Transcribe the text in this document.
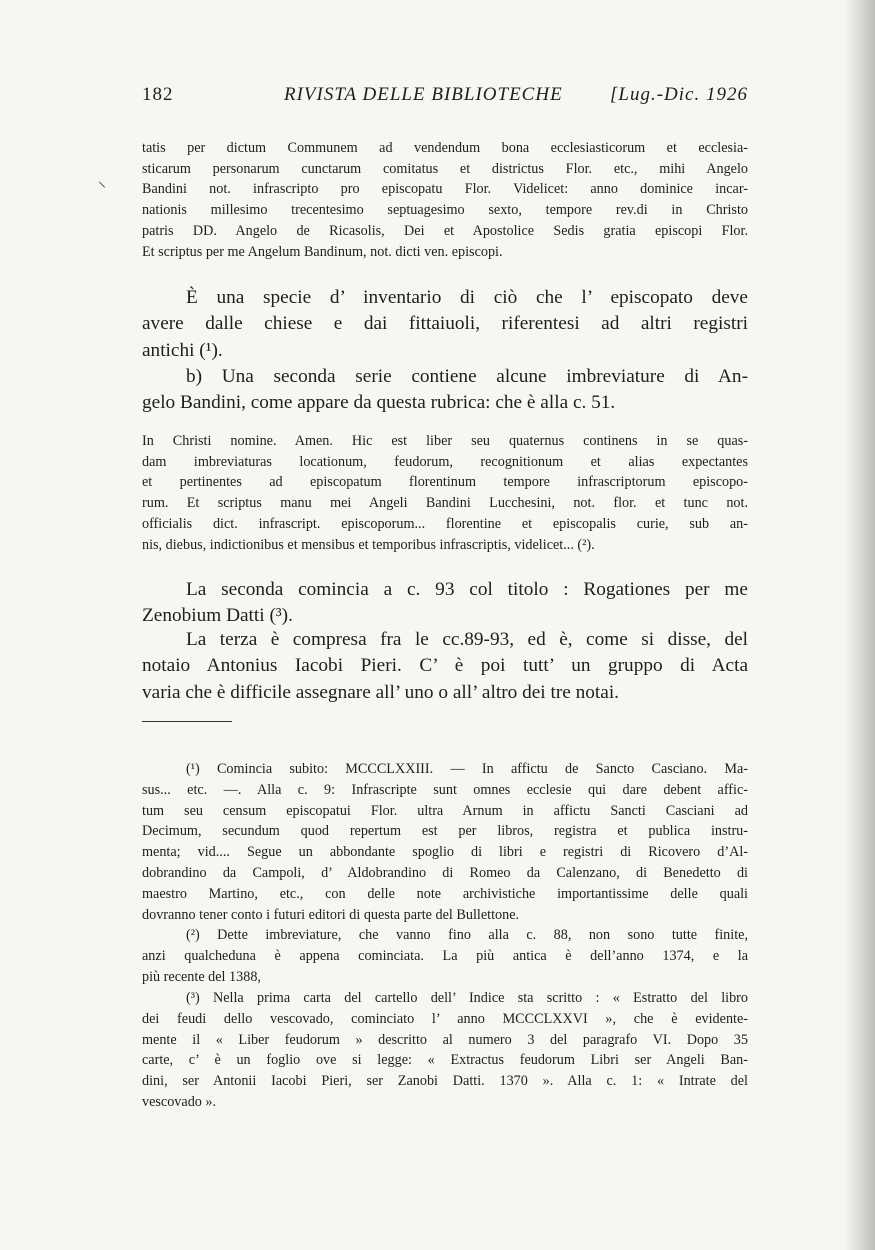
⸌
182	RIVISTA DELLE BIBLIOTECHE [Lug.-Dic. 1926
tatis per dictum Communem ad vendendum bona ecclesiasticorum et ecclesia-
sticarum personarum cunctarum comitatus et districtus Flor. etc., mihi Angelo
Bandini not. infrascripto pro episcopatu Flor. Videlicet: anno dominice incar-
nationis millesimo trecentesimo septuagesimo sexto, tempore rev.di in Christo
patris DD. Angelo de Ricasolis, Dei et Apostolice Sedis gratia episcopi Flor.
Et scriptus per me Angelum Bandinum, not. dicti ven. episcopi.
È una specie d’ inventario di ciò che l’ episcopato deve
avere dalle chiese e dai fittaiuoli, riferentesi ad altri registri
antichi (¹).
b) Una seconda serie contiene alcune imbreviature di An-
gelo Bandini, come appare da questa rubrica: che è alla c. 51.
In Christi nomine. Amen. Hic est liber seu quaternus continens in se quas-
dam imbreviaturas locationum, feudorum, recognitionum et alias expectantes
et pertinentes ad episcopatum florentinum tempore infrascriptorum episcopo-
rum. Et scriptus manu mei Angeli Bandini Lucchesini, not. flor. et tunc not.
officialis dict. infrascript. episcoporum... florentine et episcopalis curie, sub an-
nis, diebus, indictionibus et mensibus et temporibus infrascriptis, videlicet... (²).
La seconda comincia a c. 93 col titolo : Rogationes per me
Zenobium Datti (³).
La terza è compresa fra le cc.89-93, ed è, come si disse, del
notaio Antonius Iacobi Pieri. C’ è poi tutt’ un gruppo di Acta
varia che è difficile assegnare all’ uno o all’ altro dei tre notai.
(¹) Comincia subito: MCCCLXXIII. — In affictu de Sancto Casciano. Ma-
sus... etc. —. Alla c. 9: Infrascripte sunt omnes ecclesie qui dare debent affic-
tum seu censum episcopatui Flor. ultra Arnum in affictu Sancti Casciani ad
Decimum, secundum quod repertum est per libros, registra et publica instru-
menta; vid.... Segue un abbondante spoglio di libri e registri di Ricovero d’Al-
dobrandino da Campoli, d’ Aldobrandino di Romeo da Calenzano, di Benedetto di
maestro Martino, etc., con delle note archivistiche importantissime delle quali
dovranno tener conto i futuri editori di questa parte del Bullettone.
(²) Dette imbreviature, che vanno fino alla c. 88, non sono tutte finite,
anzi qualcheduna è appena cominciata. La più antica è dell’anno 1374, e la
più recente del 1388,
(³) Nella prima carta del cartello dell’ Indice sta scritto : « Estratto del libro
dei feudi dello vescovado, cominciato l’ anno MCCCLXXVI », che è evidente-
mente il « Liber feudorum » descritto al numero 3 del paragrafo VI. Dopo 35
carte, c’ è un foglio ove si legge: « Extractus feudorum Libri ser Angeli Ban-
dini, ser Antonii Iacobi Pieri, ser Zanobi Datti. 1370 ». Alla c. 1: « Intrate del
vescovado ».
